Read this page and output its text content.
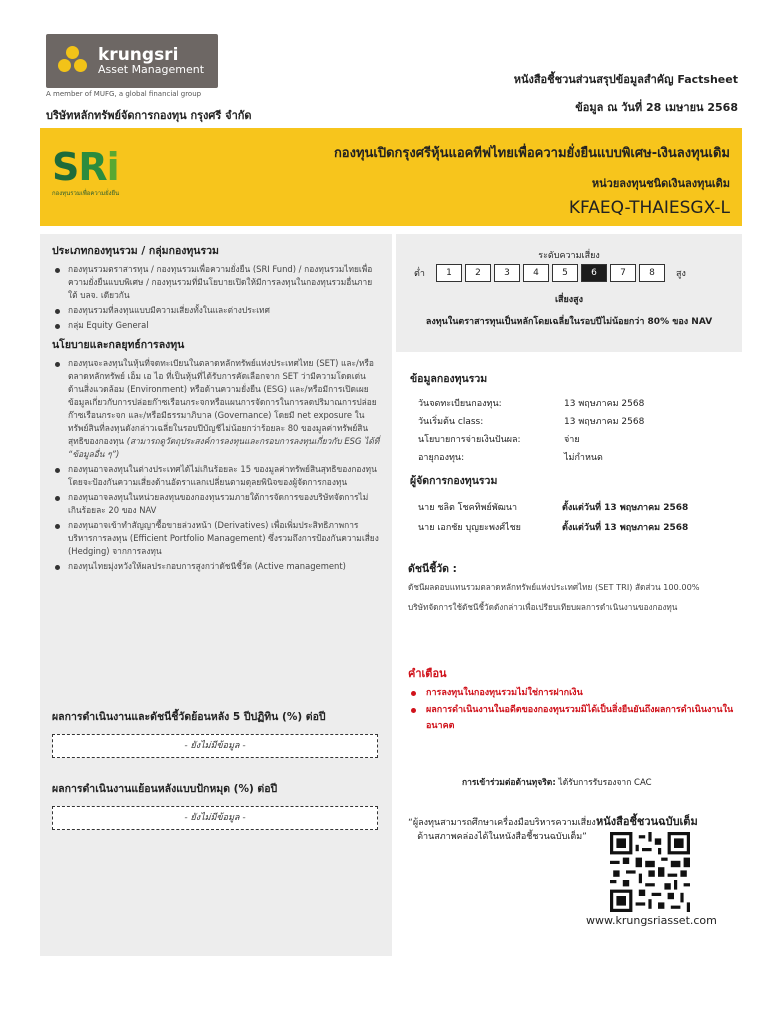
krungsri
Asset Management
A member of MUFG, a global financial group
บริษัทหลักทรัพย์จัดการกองทุน กรุงศรี จำกัด
หนังสือชี้ชวนส่วนสรุปข้อมูลสำคัญ Factsheet
ข้อมูล ณ วันที่ 28 เมษายน 2568
SRi
กองทุนรวมเพื่อความยั่งยืน
กองทุนเปิดกรุงศรีหุ้นแอคทีฟไทยเพื่อความยั่งยืนแบบพิเศษ-เงินลงทุนเดิม
หน่วยลงทุนชนิดเงินลงทุนเดิม
KFAEQ-THAIESGX-L
ประเภทกองทุนรวม / กลุ่มกองทุนรวม
กองทุนรวมตราสารทุน / กองทุนรวมเพื่อความยั่งยืน (SRI Fund) / กองทุนรวมไทยเพื่อความยั่งยืนแบบพิเศษ / กองทุนรวมที่มีนโยบายเปิดให้มีการลงทุนในกองทุนรวมอื่นภายใต้ บลจ. เดียวกัน
กองทุนรวมที่ลงทุนแบบมีความเสี่ยงทั้งในและต่างประเทศ
กลุ่ม Equity General
นโยบายและกลยุทธ์การลงทุน
กองทุนจะลงทุนในหุ้นที่จดทะเบียนในตลาดหลักทรัพย์แห่งประเทศไทย (SET) และ/หรือ ตลาดหลักทรัพย์ เอ็ม เอ ไอ ที่เป็นหุ้นที่ได้รับการคัดเลือกจาก SET ว่ามีความโดดเด่นด้านสิ่งแวดล้อม (Environment) หรือด้านความยั่งยืน (ESG) และ/หรือมีการเปิดเผยข้อมูลเกี่ยวกับการปล่อยก๊าซเรือนกระจกหรือแผนการจัดการในการลดปริมาณการปล่อยก๊าซเรือนกระจก และ/หรือมีธรรมาภิบาล (Governance) โดยมี net exposure ในทรัพย์สินที่ลงทุนดังกล่าวเฉลี่ยในรอบปีบัญชีไม่น้อยกว่าร้อยละ 80 ของมูลค่าทรัพย์สินสุทธิของกองทุน (สามารถดูวัตถุประสงค์การลงทุนและกรอบการลงทุนเกี่ยวกับ ESG ได้ที่ “ข้อมูลอื่น ๆ”)
กองทุนอาจลงทุนในต่างประเทศได้ไม่เกินร้อยละ 15 ของมูลค่าทรัพย์สินสุทธิของกองทุน โดยจะป้องกันความเสี่ยงด้านอัตราแลกเปลี่ยนตามดุลยพินิจของผู้จัดการกองทุน
กองทุนอาจลงทุนในหน่วยลงทุนของกองทุนรวมภายใต้การจัดการของบริษัทจัดการไม่เกินร้อยละ 20 ของ NAV
กองทุนอาจเข้าทำสัญญาซื้อขายล่วงหน้า (Derivatives) เพื่อเพิ่มประสิทธิภาพการบริหารการลงทุน (Efficient Portfolio Management) ซึ่งรวมถึงการป้องกันความเสี่ยง (Hedging) จากการลงทุน
กองทุนไทยมุ่งหวังให้ผลประกอบการสูงกว่าดัชนีชี้วัด (Active management)
ผลการดำเนินงานและดัชนีชี้วัดย้อนหลัง 5 ปีปฏิทิน (%) ต่อปี
- ยังไม่มีข้อมูล -
ผลการดำเนินงานแย้อนหลังแบบปักหมุด (%) ต่อปี
- ยังไม่มีข้อมูล -
ระดับความเสี่ยง
ต่ำ	1	2	3	4	5	6	7	8	สูง
เสี่ยงสูง
ลงทุนในตราสารทุนเป็นหลักโดยเฉลี่ยในรอบปีไม่น้อยกว่า 80% ของ NAV
ข้อมูลกองทุนรวม
วันจดทะเบียนกองทุน:	13 พฤษภาคม 2568
วันเริ่มต้น class:	13 พฤษภาคม 2568
นโยบายการจ่ายเงินปันผล:	จ่าย
อายุกองทุน:	ไม่กำหนด
ผู้จัดการกองทุนรวม
นาย ชลิต โชคทิพย์พัฒนา	ตั้งแต่วันที่ 13 พฤษภาคม 2568
นาย เอกชัย บุญยะพงศ์ไชย	ตั้งแต่วันที่ 13 พฤษภาคม 2568
ดัชนีชี้วัด :
ดัชนีผลตอบแทนรวมตลาดหลักทรัพย์แห่งประเทศไทย (SET TRI) สัดส่วน 100.00%
บริษัทจัดการใช้ดัชนีชี้วัดดังกล่าวเพื่อเปรียบเทียบผลการดำเนินงานของกองทุน
คำเตือน
การลงทุนในกองทุนรวมไม่ใช่การฝากเงิน
ผลการดำเนินงานในอดีตของกองทุนรวมมิได้เป็นสิ่งยืนยันถึงผลการดำเนินงานในอนาคต
การเข้าร่วมต่อต้านทุจริต: ได้รับการรับรองจาก CAC
“ผู้ลงทุนสามารถศึกษาเครื่องมือบริหารความเสี่ยงด้านสภาพคล่องได้ในหนังสือชี้ชวนฉบับเต็ม”
หนังสือชี้ชวนฉบับเต็ม
www.krungsriasset.com
